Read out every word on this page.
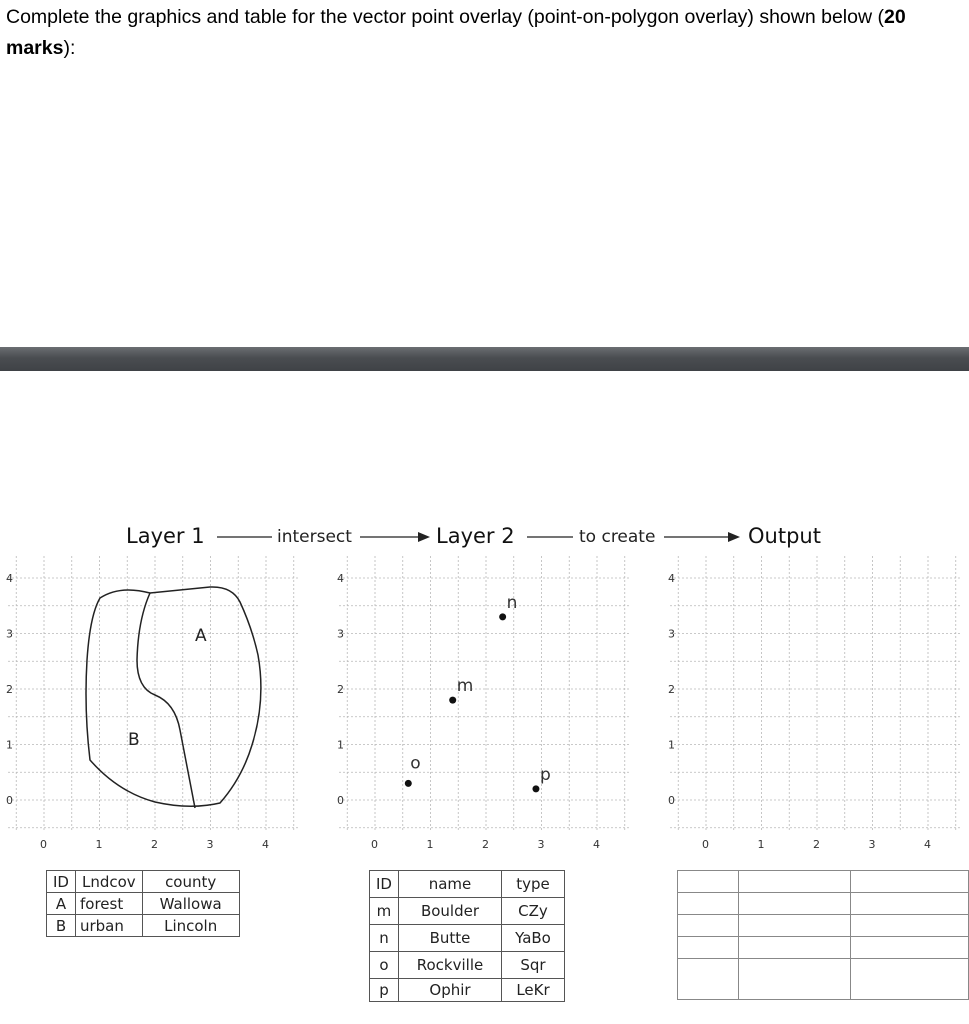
Complete the graphics and table for the vector point overlay (point-on-polygon overlay) shown below (20 marks):

Layer 1	intersect	Layer 2	to create	Output
0	1	2	3	4
0
1
2
3
4
0	1	2	3	4
0
1
2
3
4
0	1	2	3	4
0
1
2
3
4
A
B
m
n
o
p
ID	Lndcov	county
A	forest	Wallowa
B	urban	Lincoln
ID	name	type
m	Boulder	CZy
n	Butte	YaBo
o	Rockville	Sqr
p	Ophir	LeKr
